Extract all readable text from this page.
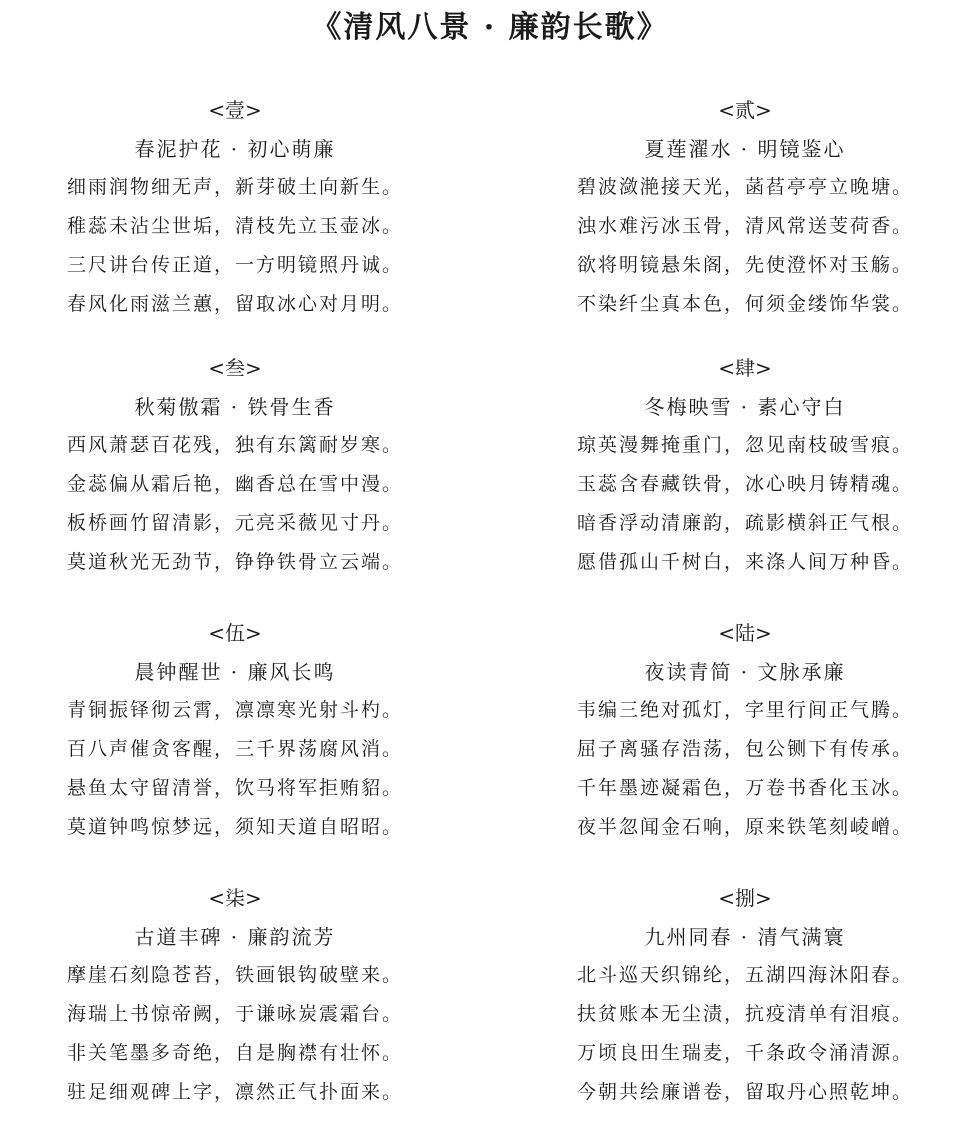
《清风八景 · 廉韵长歌》
<壹>
春泥护花 · 初心萌廉
细雨润物细无声，新芽破土向新生。
稚蕊未沾尘世垢，清枝先立玉壶冰。
三尺讲台传正道，一方明镜照丹诚。
春风化雨滋兰蕙，留取冰心对月明。
<贰>
夏莲濯水 · 明镜鉴心
碧波潋滟接天光，菡萏亭亭立晚塘。
浊水难污冰玉骨，清风常送芰荷香。
欲将明镜悬朱阁，先使澄怀对玉觞。
不染纤尘真本色，何须金缕饰华裳。
<叁>
秋菊傲霜 · 铁骨生香
西风萧瑟百花残，独有东篱耐岁寒。
金蕊偏从霜后艳，幽香总在雪中漫。
板桥画竹留清影，元亮采薇见寸丹。
莫道秋光无劲节，铮铮铁骨立云端。
<肆>
冬梅映雪 · 素心守白
琼英漫舞掩重门，忽见南枝破雪痕。
玉蕊含春藏铁骨，冰心映月铸精魂。
暗香浮动清廉韵，疏影横斜正气根。
愿借孤山千树白，来涤人间万种昏。
<伍>
晨钟醒世 · 廉风长鸣
青铜振铎彻云霄，凛凛寒光射斗杓。
百八声催贪客醒，三千界荡腐风消。
悬鱼太守留清誉，饮马将军拒贿貂。
莫道钟鸣惊梦远，须知天道自昭昭。
<陆>
夜读青简 · 文脉承廉
韦编三绝对孤灯，字里行间正气腾。
屈子离骚存浩荡，包公铡下有传承。
千年墨迹凝霜色，万卷书香化玉冰。
夜半忽闻金石响，原来铁笔刻崚嶒。
<柒>
古道丰碑 · 廉韵流芳
摩崖石刻隐苍苔，铁画银钩破壁来。
海瑞上书惊帝阙，于谦咏炭震霜台。
非关笔墨多奇绝，自是胸襟有壮怀。
驻足细观碑上字，凛然正气扑面来。
<捌>
九州同春 · 清气满寰
北斗巡天织锦纶，五湖四海沐阳春。
扶贫账本无尘渍，抗疫清单有泪痕。
万顷良田生瑞麦，千条政令涌清源。
今朝共绘廉谱卷，留取丹心照乾坤。
